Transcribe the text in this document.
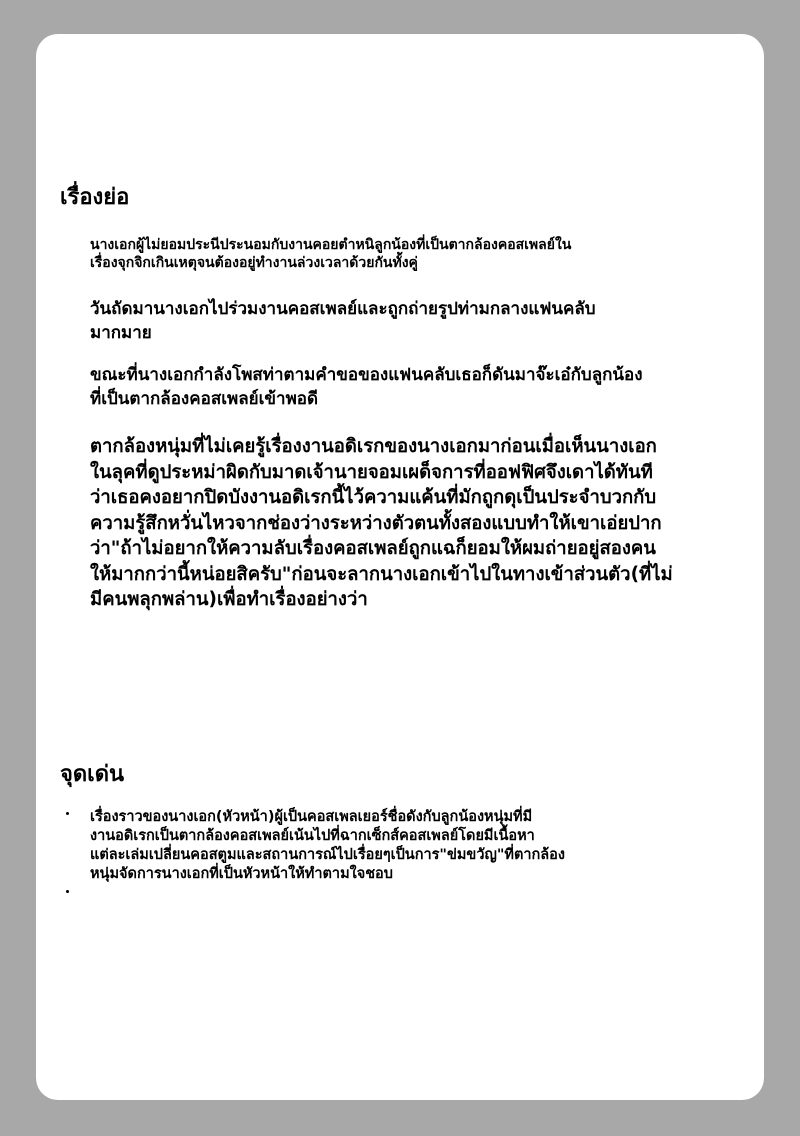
เรื่องย่อ

นางเอกผู้ไม่ยอมประนีประนอมกับงานคอยตำหนิลูกน้องที่เป็นตากล้องคอสเพลย์ใน
เรื่องจุกจิกเกินเหตุจนต้องอยู่ทำงานล่วงเวลาด้วยกันทั้งคู่

วันถัดมานางเอกไปร่วมงานคอสเพลย์และถูกถ่ายรูปท่ามกลางแฟนคลับ
มากมาย

ขณะที่นางเอกกำลังโพสท่าตามคำขอของแฟนคลับเธอก็ดันมาจ๊ะเอ๋กับลูกน้อง
ที่เป็นตากล้องคอสเพลย์เข้าพอดี

ตากล้องหนุ่มที่ไม่เคยรู้เรื่องงานอดิเรกของนางเอกมาก่อนเมื่อเห็นนางเอก
ในลุคที่ดูประหม่าผิดกับมาดเจ้านายจอมเผด็จการที่ออฟฟิศจึงเดาได้ทันที
ว่าเธอคงอยากปิดบังงานอดิเรกนี้ไว้ความแค้นที่มักถูกดุเป็นประจำบวกกับ
ความรู้สึกหวั่นไหวจากช่องว่างระหว่างตัวตนทั้งสองแบบทำให้เขาเอ่ยปาก
ว่า"ถ้าไม่อยากให้ความลับเรื่องคอสเพลย์ถูกแฉก็ยอมให้ผมถ่ายอยู่สองคน
ให้มากกว่านี้หน่อยสิครับ"ก่อนจะลากนางเอกเข้าไปในทางเข้าส่วนตัว(ที่ไม่
มีคนพลุกพล่าน)เพื่อทำเรื่องอย่างว่า

จุดเด่น

เรื่องราวของนางเอก(หัวหน้า)ผู้เป็นคอสเพลเยอร์ชื่อดังกับลูกน้องหนุ่มที่มี
งานอดิเรกเป็นตากล้องคอสเพลย์เน้นไปที่ฉากเซ็กส์คอสเพลย์โดยมีเนื้อหา
แต่ละเล่มเปลี่ยนคอสตูมและสถานการณ์ไปเรื่อยๆเป็นการ"ข่มขวัญ"ที่ตากล้อง
หนุ่มจัดการนางเอกที่เป็นหัวหน้าให้ทำตามใจชอบ
